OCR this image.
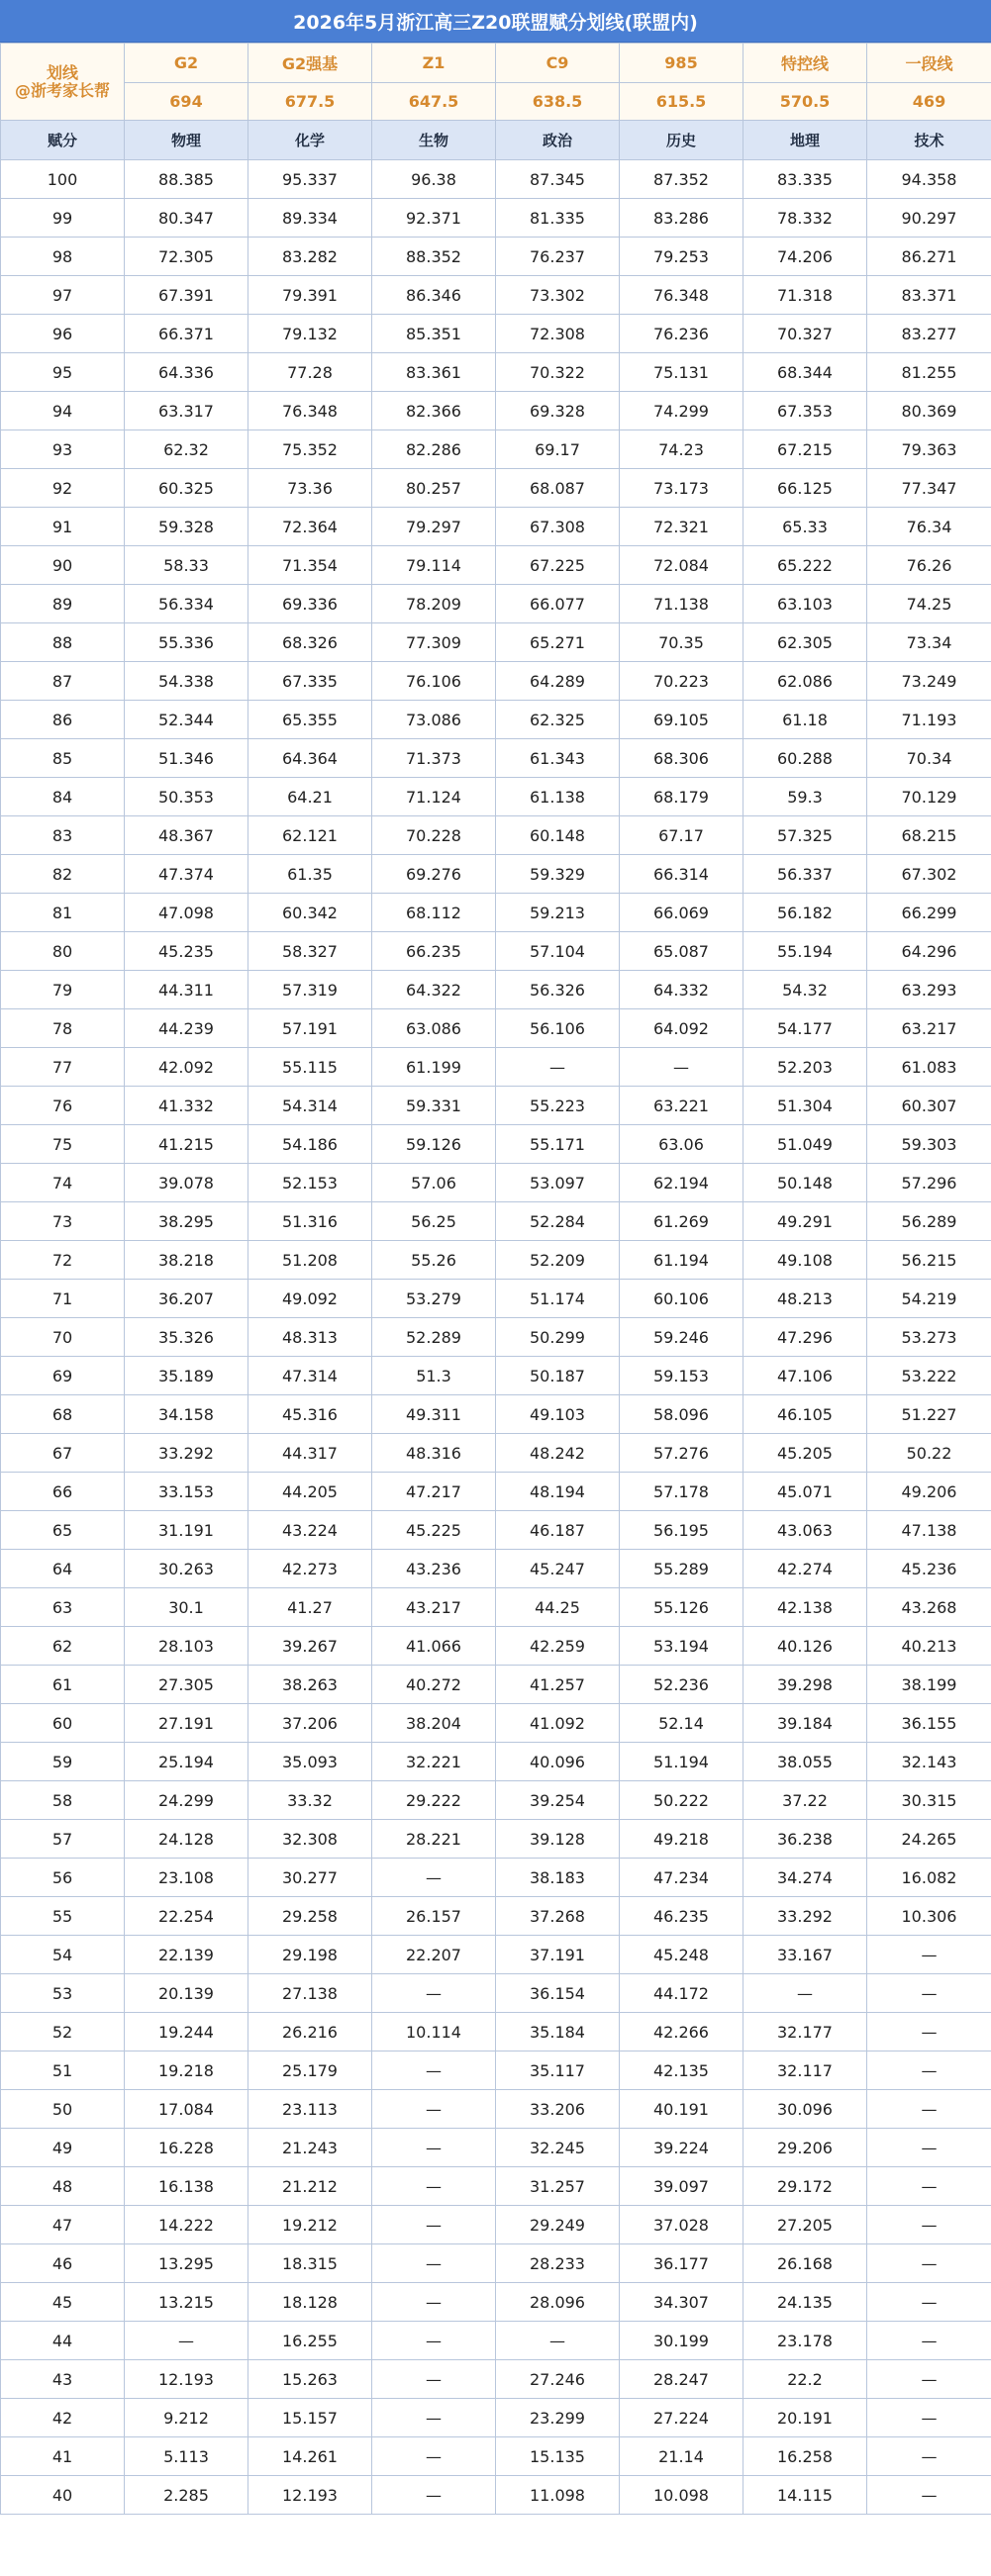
2026年5月浙江高三Z20联盟赋分划线(联盟内)
划线
@浙考家长帮	G2	G2强基	Z1	C9	985	特控线	一段线
	694	677.5	647.5	638.5	615.5	570.5	469
赋分	物理	化学	生物	政治	历史	地理	技术
100	88.385	95.337	96.38	87.345	87.352	83.335	94.358
99	80.347	89.334	92.371	81.335	83.286	78.332	90.297
98	72.305	83.282	88.352	76.237	79.253	74.206	86.271
97	67.391	79.391	86.346	73.302	76.348	71.318	83.371
96	66.371	79.132	85.351	72.308	76.236	70.327	83.277
95	64.336	77.28	83.361	70.322	75.131	68.344	81.255
94	63.317	76.348	82.366	69.328	74.299	67.353	80.369
93	62.32	75.352	82.286	69.17	74.23	67.215	79.363
92	60.325	73.36	80.257	68.087	73.173	66.125	77.347
91	59.328	72.364	79.297	67.308	72.321	65.33	76.34
90	58.33	71.354	79.114	67.225	72.084	65.222	76.26
89	56.334	69.336	78.209	66.077	71.138	63.103	74.25
88	55.336	68.326	77.309	65.271	70.35	62.305	73.34
87	54.338	67.335	76.106	64.289	70.223	62.086	73.249
86	52.344	65.355	73.086	62.325	69.105	61.18	71.193
85	51.346	64.364	71.373	61.343	68.306	60.288	70.34
84	50.353	64.21	71.124	61.138	68.179	59.3	70.129
83	48.367	62.121	70.228	60.148	67.17	57.325	68.215
82	47.374	61.35	69.276	59.329	66.314	56.337	67.302
81	47.098	60.342	68.112	59.213	66.069	56.182	66.299
80	45.235	58.327	66.235	57.104	65.087	55.194	64.296
79	44.311	57.319	64.322	56.326	64.332	54.32	63.293
78	44.239	57.191	63.086	56.106	64.092	54.177	63.217
77	42.092	55.115	61.199	—	—	52.203	61.083
76	41.332	54.314	59.331	55.223	63.221	51.304	60.307
75	41.215	54.186	59.126	55.171	63.06	51.049	59.303
74	39.078	52.153	57.06	53.097	62.194	50.148	57.296
73	38.295	51.316	56.25	52.284	61.269	49.291	56.289
72	38.218	51.208	55.26	52.209	61.194	49.108	56.215
71	36.207	49.092	53.279	51.174	60.106	48.213	54.219
70	35.326	48.313	52.289	50.299	59.246	47.296	53.273
69	35.189	47.314	51.3	50.187	59.153	47.106	53.222
68	34.158	45.316	49.311	49.103	58.096	46.105	51.227
67	33.292	44.317	48.316	48.242	57.276	45.205	50.22
66	33.153	44.205	47.217	48.194	57.178	45.071	49.206
65	31.191	43.224	45.225	46.187	56.195	43.063	47.138
64	30.263	42.273	43.236	45.247	55.289	42.274	45.236
63	30.1	41.27	43.217	44.25	55.126	42.138	43.268
62	28.103	39.267	41.066	42.259	53.194	40.126	40.213
61	27.305	38.263	40.272	41.257	52.236	39.298	38.199
60	27.191	37.206	38.204	41.092	52.14	39.184	36.155
59	25.194	35.093	32.221	40.096	51.194	38.055	32.143
58	24.299	33.32	29.222	39.254	50.222	37.22	30.315
57	24.128	32.308	28.221	39.128	49.218	36.238	24.265
56	23.108	30.277	—	38.183	47.234	34.274	16.082
55	22.254	29.258	26.157	37.268	46.235	33.292	10.306
54	22.139	29.198	22.207	37.191	45.248	33.167	—
53	20.139	27.138	—	36.154	44.172	—	—
52	19.244	26.216	10.114	35.184	42.266	32.177	—
51	19.218	25.179	—	35.117	42.135	32.117	—
50	17.084	23.113	—	33.206	40.191	30.096	—
49	16.228	21.243	—	32.245	39.224	29.206	—
48	16.138	21.212	—	31.257	39.097	29.172	—
47	14.222	19.212	—	29.249	37.028	27.205	—
46	13.295	18.315	—	28.233	36.177	26.168	—
45	13.215	18.128	—	28.096	34.307	24.135	—
44	—	16.255	—	—	30.199	23.178	—
43	12.193	15.263	—	27.246	28.247	22.2	—
42	9.212	15.157	—	23.299	27.224	20.191	—
41	5.113	14.261	—	15.135	21.14	16.258	—
40	2.285	12.193	—	11.098	10.098	14.115	—
